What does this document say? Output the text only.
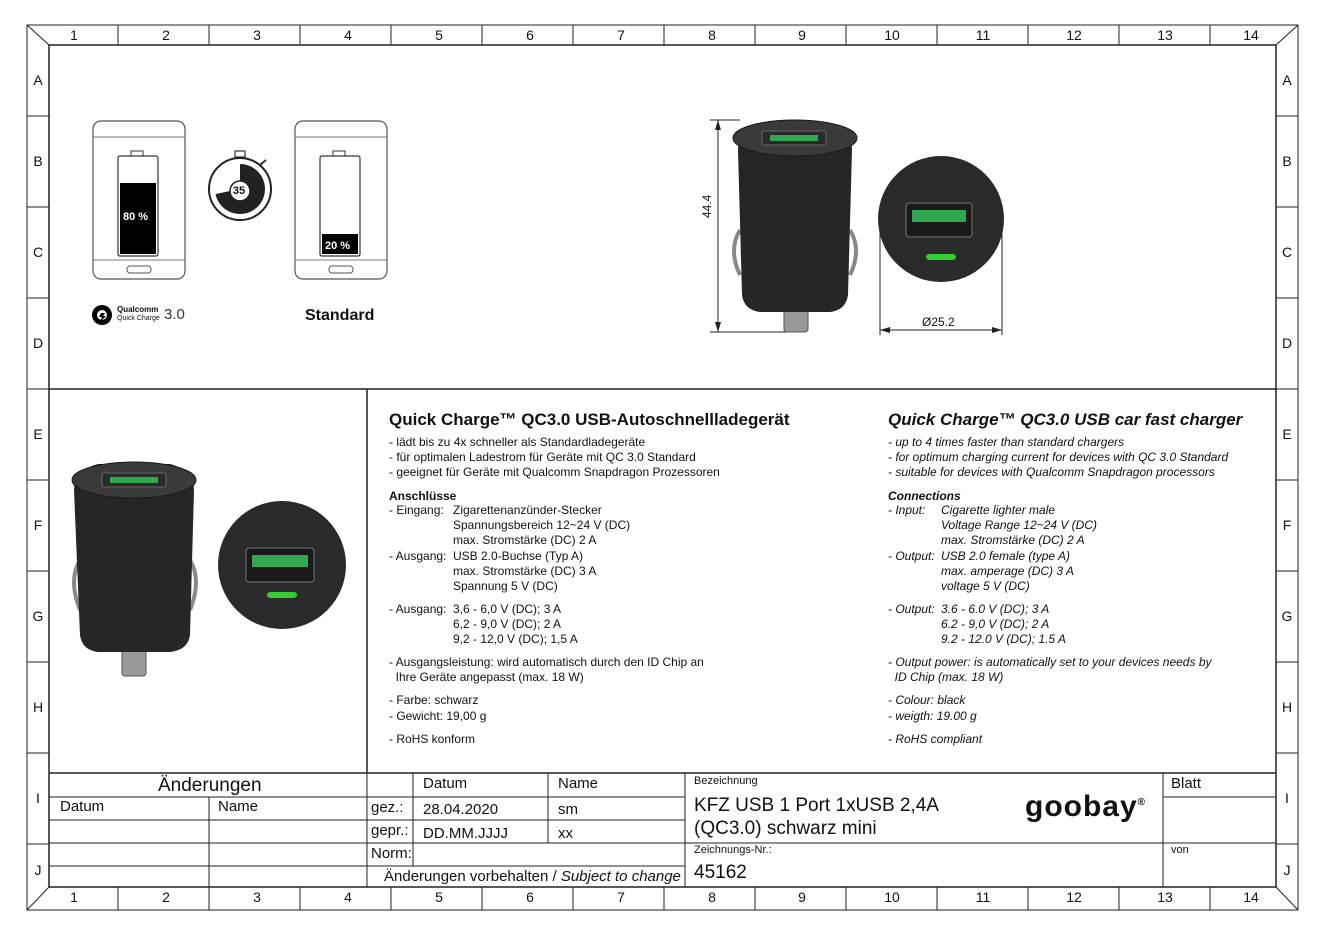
1	2	3	4	5	6	7	8	9	10	11	12	13	14
1	2	3	4	5	6	7	8	9	10	11	12	13	14
A
B
C
D
E
F
G
H
I
J
A
B
C
D
E
F
G
H
I
J
80 %
20 %
35
Qualcomm
Quick Charge 3.0	Standard
44.4
Ø25.2
Quick Charge™ QC3.0 USB-Autoschnellladegerät
- lädt bis zu 4x schneller als Standardladegeräte
- für optimalen Ladestrom für Geräte mit QC 3.0 Standard
- geeignet für Geräte mit Qualcomm Snapdragon Prozessoren
Anschlüsse
- Eingang: Zigarettenanzünder-Stecker
Spannungsbereich 12~24 V (DC)
max. Stromstärke (DC) 2 A
- Ausgang: USB 2.0-Buchse (Typ A)
max. Stromstärke (DC) 3 A
Spannung 5 V (DC)
- Ausgang: 3,6 - 6,0 V (DC); 3 A
6,2 - 9,0 V (DC); 2 A
9,2 - 12,0 V (DC); 1,5 A
- Ausgangsleistung: wird automatisch durch den ID Chip an
Ihre Geräte angepasst (max. 18 W)
- Farbe: schwarz
- Gewicht: 19,00 g
- RoHS konform
Quick Charge™ QC3.0 USB car fast charger
- up to 4 times faster than standard chargers
- for optimum charging current for devices with QC 3.0 Standard
- suitable for devices with Qualcomm Snapdragon processors
Connections
- Input: Cigarette lighter male
Voltage Range 12~24 V (DC)
max. Stromstärke (DC) 2 A
- Output: USB 2.0 female (type A)
max. amperage (DC) 3 A
voltage 5 V (DC)
- Output: 3.6 - 6.0 V (DC); 3 A
6.2 - 9,0 V (DC); 2 A
9.2 - 12.0 V (DC); 1.5 A
- Output power: is automatically set to your devices needs by
ID Chip (max. 18 W)
- Colour: black
- weigth: 19.00 g
- RoHS compliant
Änderungen
Datum	Name
Datum	Name
gez.: 28.04.2020	sm
gepr.: DD.MM.JJJJ	xx
Norm:
Änderungen vorbehalten / Subject to change
Bezeichnung
KFZ USB 1 Port 1xUSB 2,4A
(QC3.0) schwarz mini
Zeichnungs-Nr.:
45162
Blatt
von
goobay®
